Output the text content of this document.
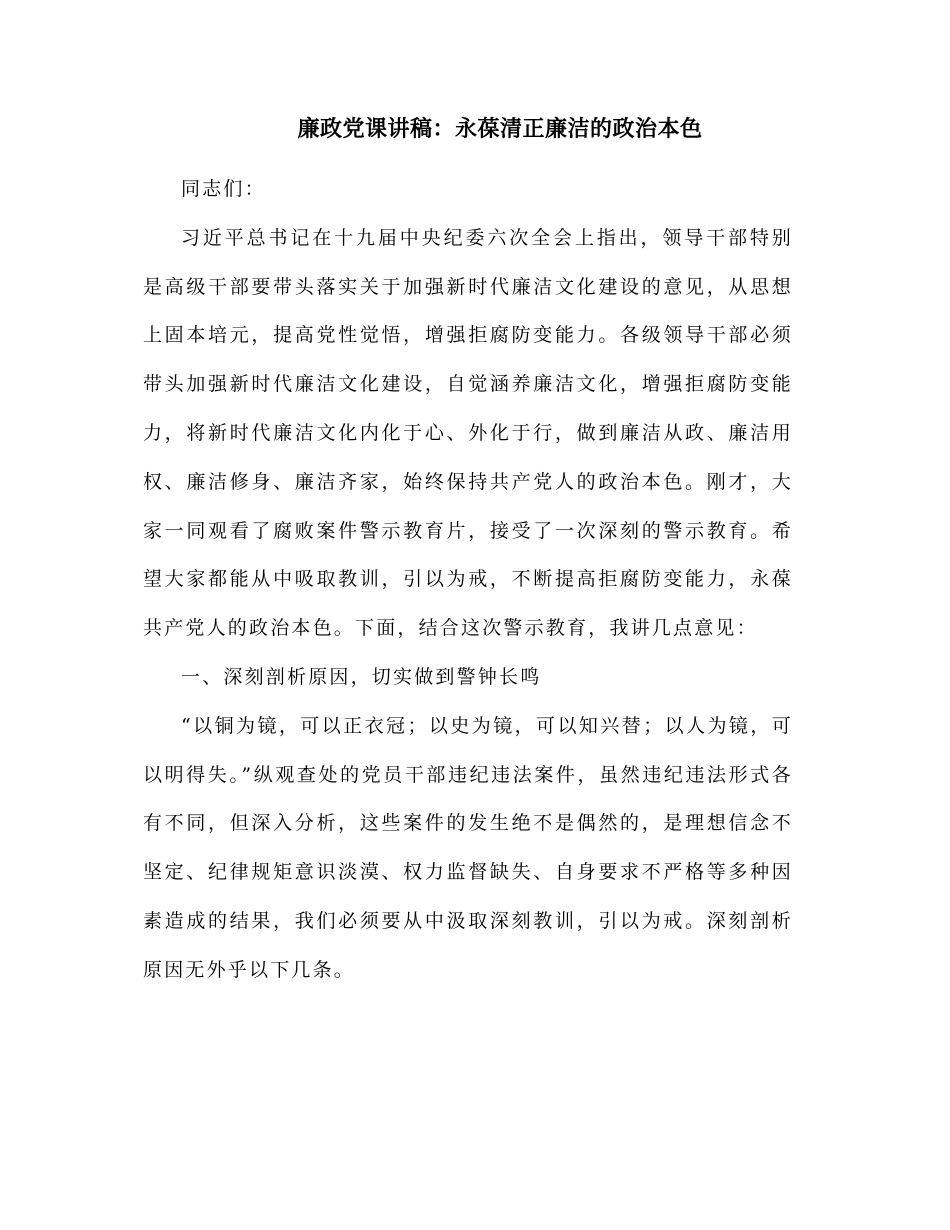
廉政党课讲稿：永葆清正廉洁的政治本色

同志们：

习近平总书记在十九届中央纪委六次全会上指出，领导干部特别是高级干部要带头落实关于加强新时代廉洁文化建设的意见，从思想上固本培元，提高党性觉悟，增强拒腐防变能力。各级领导干部必须带头加强新时代廉洁文化建设，自觉涵养廉洁文化，增强拒腐防变能力，将新时代廉洁文化内化于心、外化于行，做到廉洁从政、廉洁用权、廉洁修身、廉洁齐家，始终保持共产党人的政治本色。刚才，大家一同观看了腐败案件警示教育片，接受了一次深刻的警示教育。希望大家都能从中吸取教训，引以为戒，不断提高拒腐防变能力，永葆共产党人的政治本色。下面，结合这次警示教育，我讲几点意见：

一、深刻剖析原因，切实做到警钟长鸣

“以铜为镜，可以正衣冠；以史为镜，可以知兴替；以人为镜，可以明得失。”纵观查处的党员干部违纪违法案件，虽然违纪违法形式各有不同，但深入分析，这些案件的发生绝不是偶然的，是理想信念不坚定、纪律规矩意识淡漠、权力监督缺失、自身要求不严格等多种因素造成的结果，我们必须要从中汲取深刻教训，引以为戒。深刻剖析原因无外乎以下几条。
